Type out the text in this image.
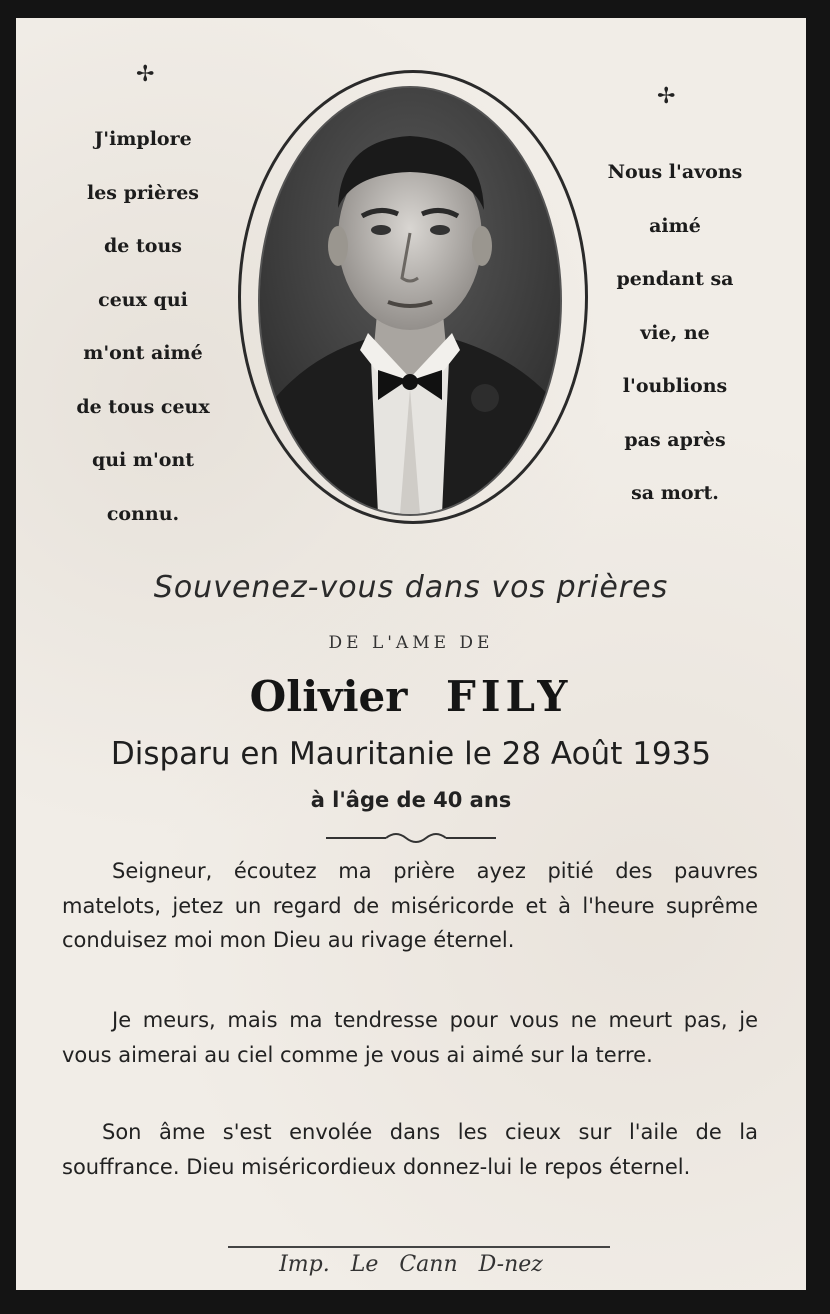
✢
✢
J'implore
les prières
de tous
ceux qui
m'ont aimé
de tous ceux
qui m'ont
connu.
Nous l'avons
aimé
pendant sa
vie, ne
l'oublions
pas après
sa mort.
Souvenez-vous dans vos prières
DE L'AME DE
Olivier FILY
Disparu en Mauritanie le 28 Août 1935
à l'âge de 40 ans
Seigneur, écoutez ma prière ayez pitié des pauvres matelots, jetez un regard de miséricorde et à l'heure suprême conduisez moi mon Dieu au rivage éternel.
Je meurs, mais ma tendresse pour vous ne meurt pas, je vous aimerai au ciel comme je vous ai aimé sur la terre.
Son âme s'est envolée dans les cieux sur l'aile de la souffrance. Dieu miséricordieux donnez-lui le repos éternel.
Imp. Le Cann D-nez
